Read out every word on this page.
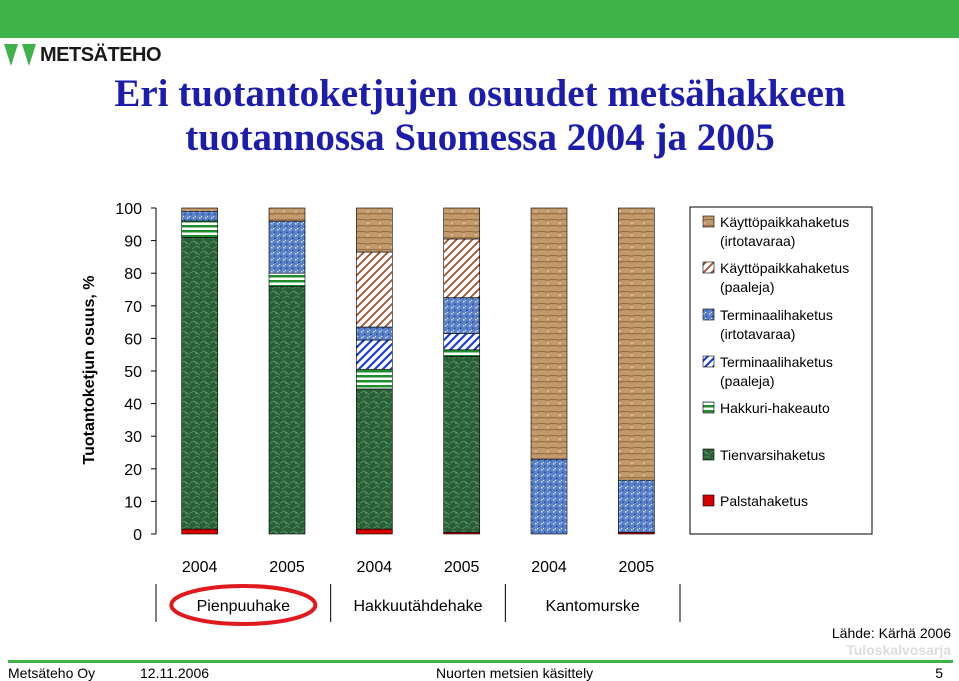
METSÄTEHO
Eri tuotantoketjujen osuudet metsähakkeen
tuotannossa Suomessa 2004 ja 2005
0
10
20
30
40
50
60
70
80
90
100
2004	2005	2004	2005	2004	2005
Pienpuuhake	Hakkuutähdehake	Kantomurske
Käyttöpaikkahaketus
(irtotavaraa)
Käyttöpaikkahaketus
(paaleja)
Terminaalihaketus
(irtotavaraa)
Terminaalihaketus
(paaleja)
Hakkuri-hakeauto
Tienvarsihaketus
Palstahaketus
Tuotantoketjun osuus, %
Lähde: Kärhä 2006
Tuloskalvosarja
Metsäteho Oy	12.11.2006	Nuorten metsien käsittely	5
